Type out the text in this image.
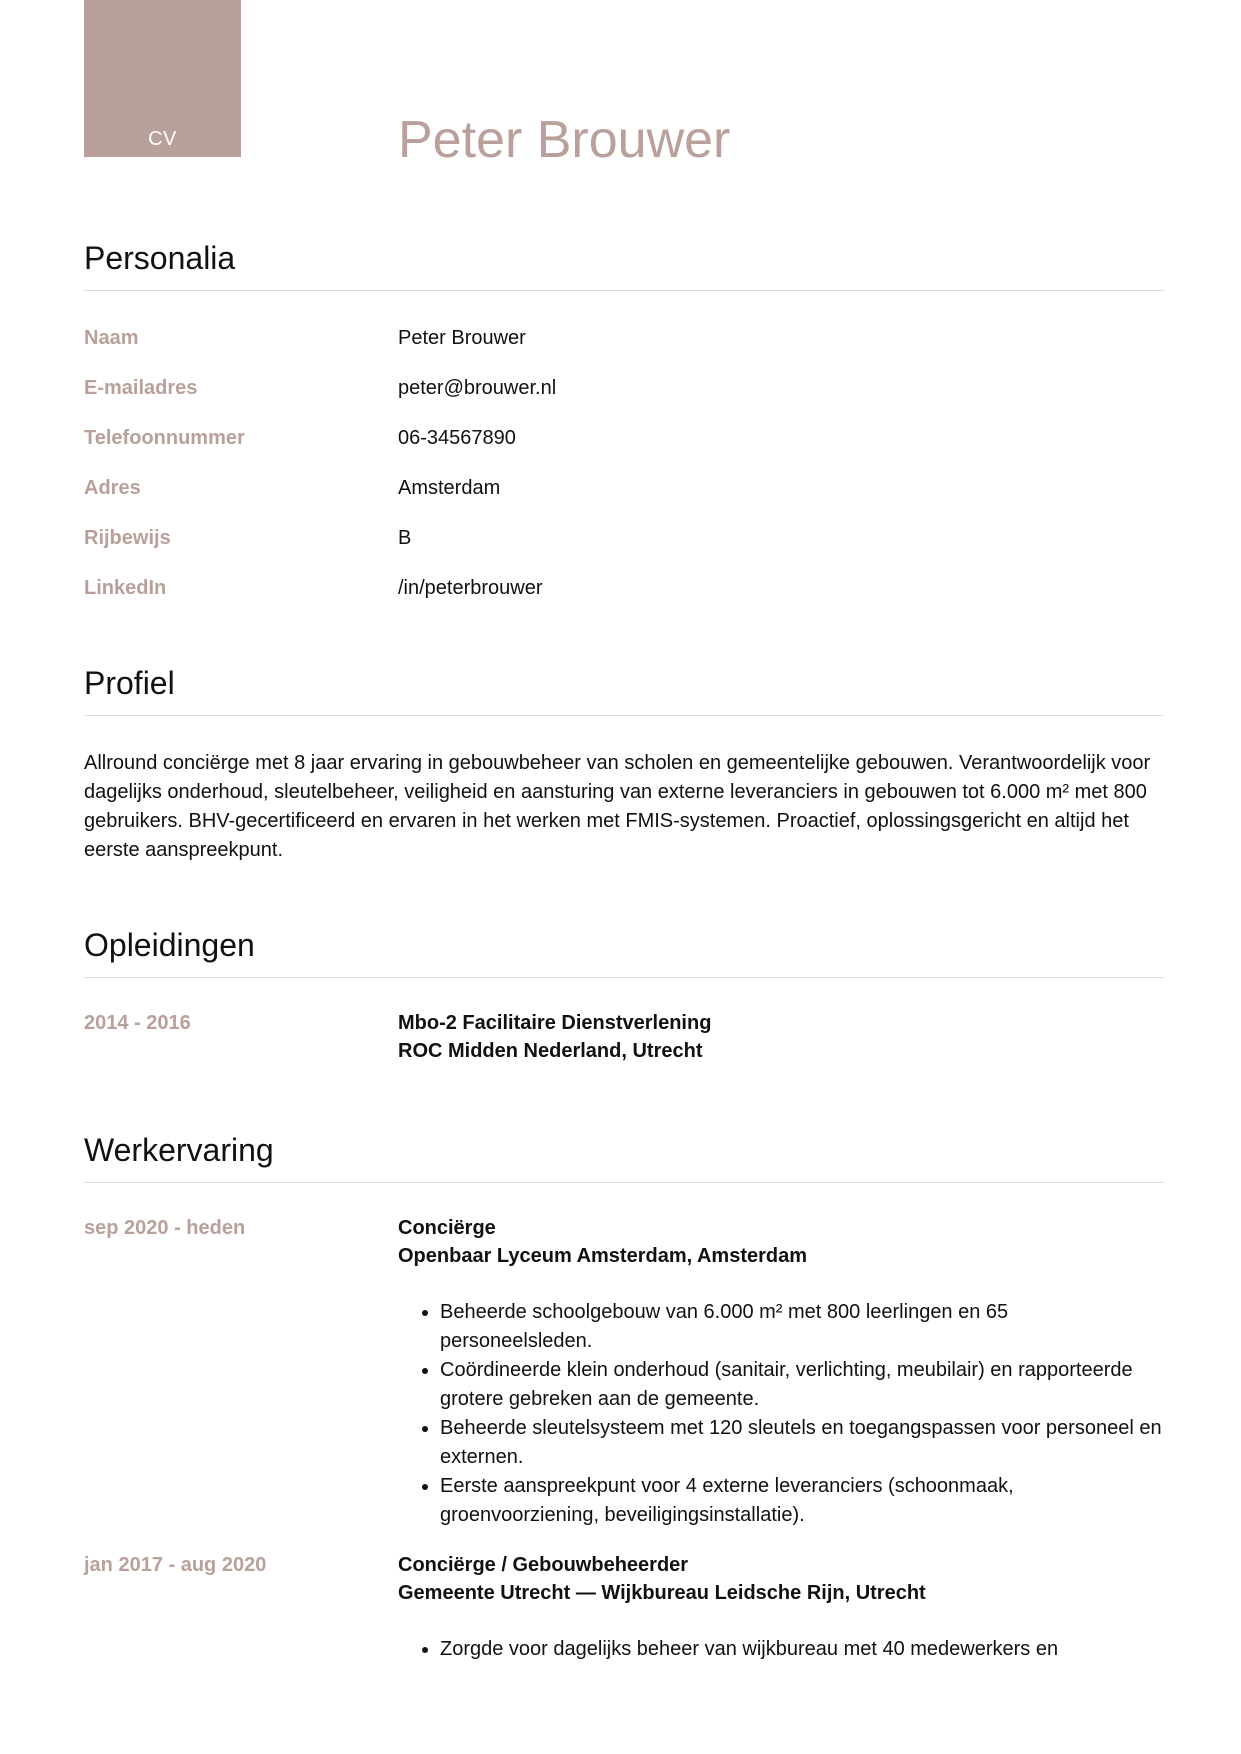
CV	Peter Brouwer
Personalia
Naam	Peter Brouwer
E-mailadres	peter@brouwer.nl
Telefoonnummer	06-34567890
Adres	Amsterdam
Rijbewijs	B
LinkedIn	/in/peterbrouwer
Profiel

Allround conciërge met 8 jaar ervaring in gebouwbeheer van scholen en gemeentelijke gebouwen. Verantwoordelijk voor dagelijks onderhoud, sleutelbeheer, veiligheid en aansturing van externe leveranciers in gebouwen tot 6.000 m² met 800 gebruikers. BHV-gecertificeerd en ervaren in het werken met FMIS-systemen. Proactief, oplossingsgericht en altijd het eerste aanspreekpunt.

Opleidingen
2014 - 2016	Mbo-2 Facilitaire Dienstverlening

ROC Midden Nederland, Utrecht

Werkervaring
sep 2020 - heden	Conciërge

Openbaar Lyceum Amsterdam, Amsterdam

• Beheerde schoolgebouw van 6.000 m² met 800 leerlingen en 65 personeelsleden.
• Coördineerde klein onderhoud (sanitair, verlichting, meubilair) en rapporteerde grotere gebreken aan de gemeente.
• Beheerde sleutelsysteem met 120 sleutels en toegangspassen voor personeel en externen.
• Eerste aanspreekpunt voor 4 externe leveranciers (schoonmaak, groenvoorziening, beveiligingsinstallatie).
jan 2017 - aug 2020	Conciërge / Gebouwbeheerder

Gemeente Utrecht — Wijkbureau Leidsche Rijn, Utrecht

• Zorgde voor dagelijks beheer van wijkbureau met 40 medewerkers en
